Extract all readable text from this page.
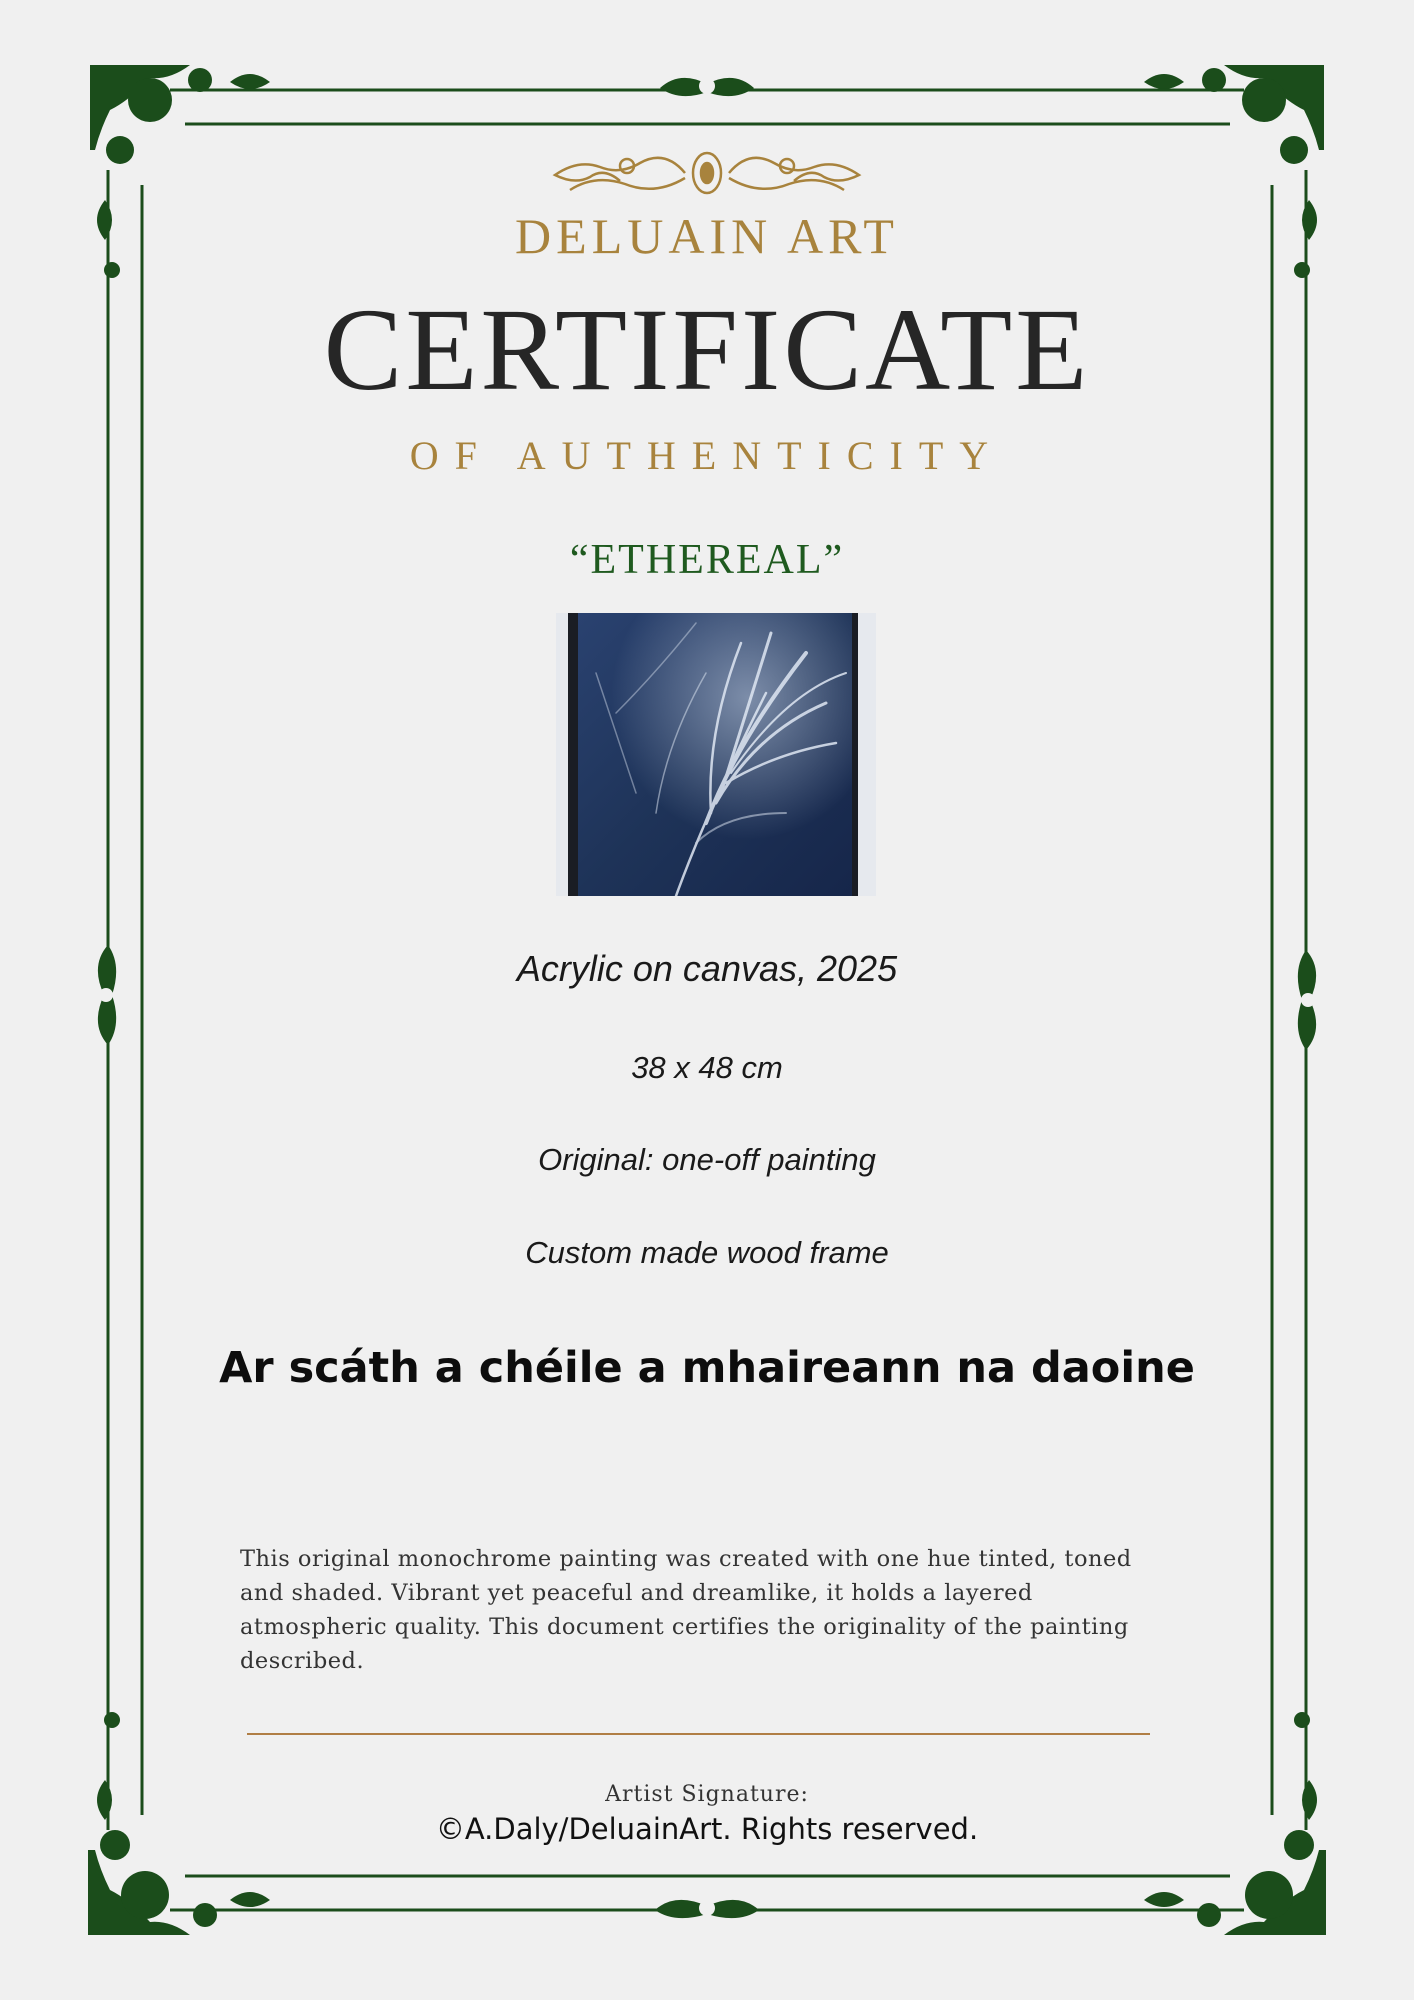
DELUAIN ART
CERTIFICATE
OF AUTHENTICITY
“ETHEREAL”
Acrylic on canvas, 2025
38 x 48 cm
Original: one-off painting
Custom made wood frame
Ar scáth a chéile a mhaireann na daoine
This original monochrome painting was created with one hue tinted, toned and shaded. Vibrant yet peaceful and dreamlike, it holds a layered atmospheric quality. This document certifies the originality of the painting described.
Artist Signature:
©A.Daly/DeluainArt. Rights reserved.
